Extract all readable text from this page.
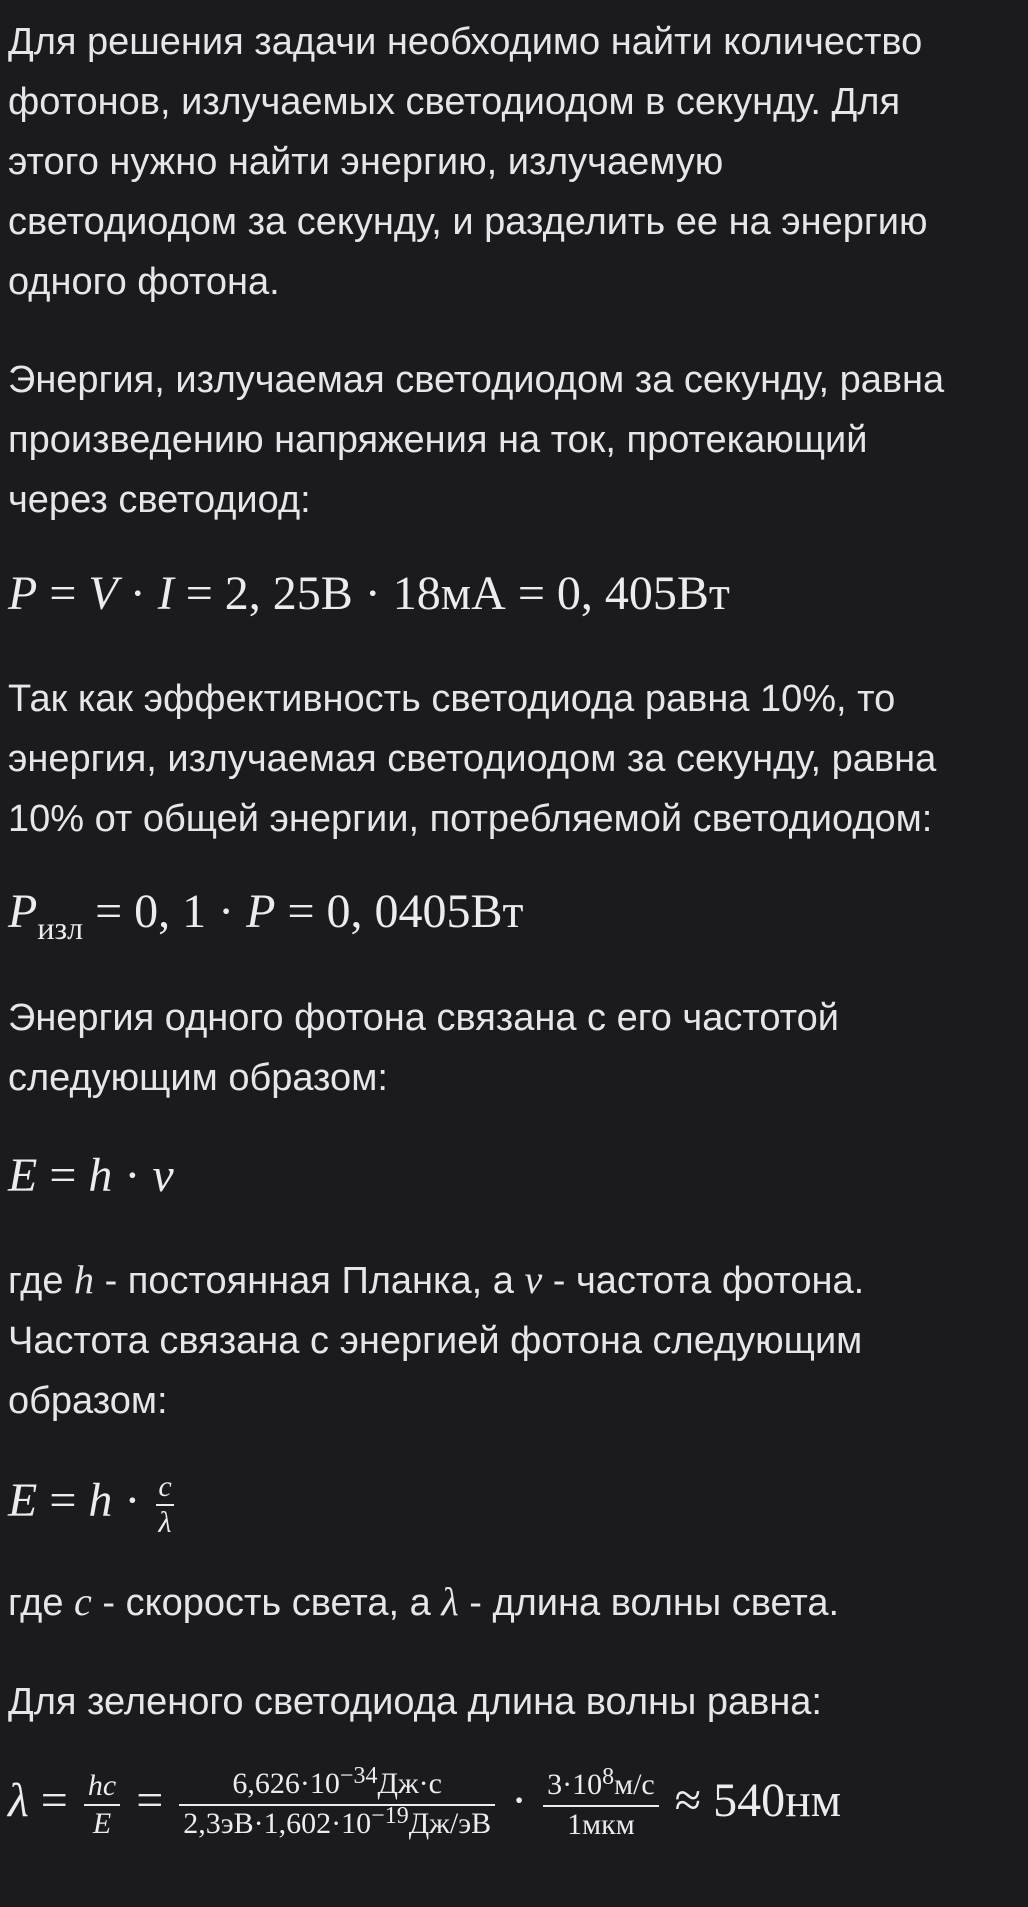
Для решения задачи необходимо найти количество
фотонов, излучаемых светодиодом в секунду. Для
этого нужно найти энергию, излучаемую
светодиодом за секунду, и разделить ее на энергию
одного фотона.
Энергия, излучаемая светодиодом за секунду, равна
произведению напряжения на ток, протекающий
через светодиод:
P = V · I = 2, 25В · 18мА = 0, 405Вт
Так как эффективность светодиода равна 10%, то
энергия, излучаемая светодиодом за секунду, равна
10% от общей энергии, потребляемой светодиодом:
$P_{изл} = 0$, 1 · P = 0, 0405Вт
Энергия одного фотона связана с его частотой
следующим образом:
E = h · ν
где h - постоянная Планка, а ν - частота фотона.
Частота связана с энергией фотона следующим
образом:
$E = h \cdot \frac{c}{\lambda}$
где c - скорость света, а λ - длина волны света.
Для зеленого светодиода длина волны равна:
$\lambda = \frac{hc}{E} = \frac{6,626\cdot 10^{-34}Дж\cdot с}{2,3эВ\cdot 1,602\cdot 10^{-19}Дж/эВ} \cdot \frac{3\cdot 10^8м/с}{\text{1мкм}} \approx 540нм$
